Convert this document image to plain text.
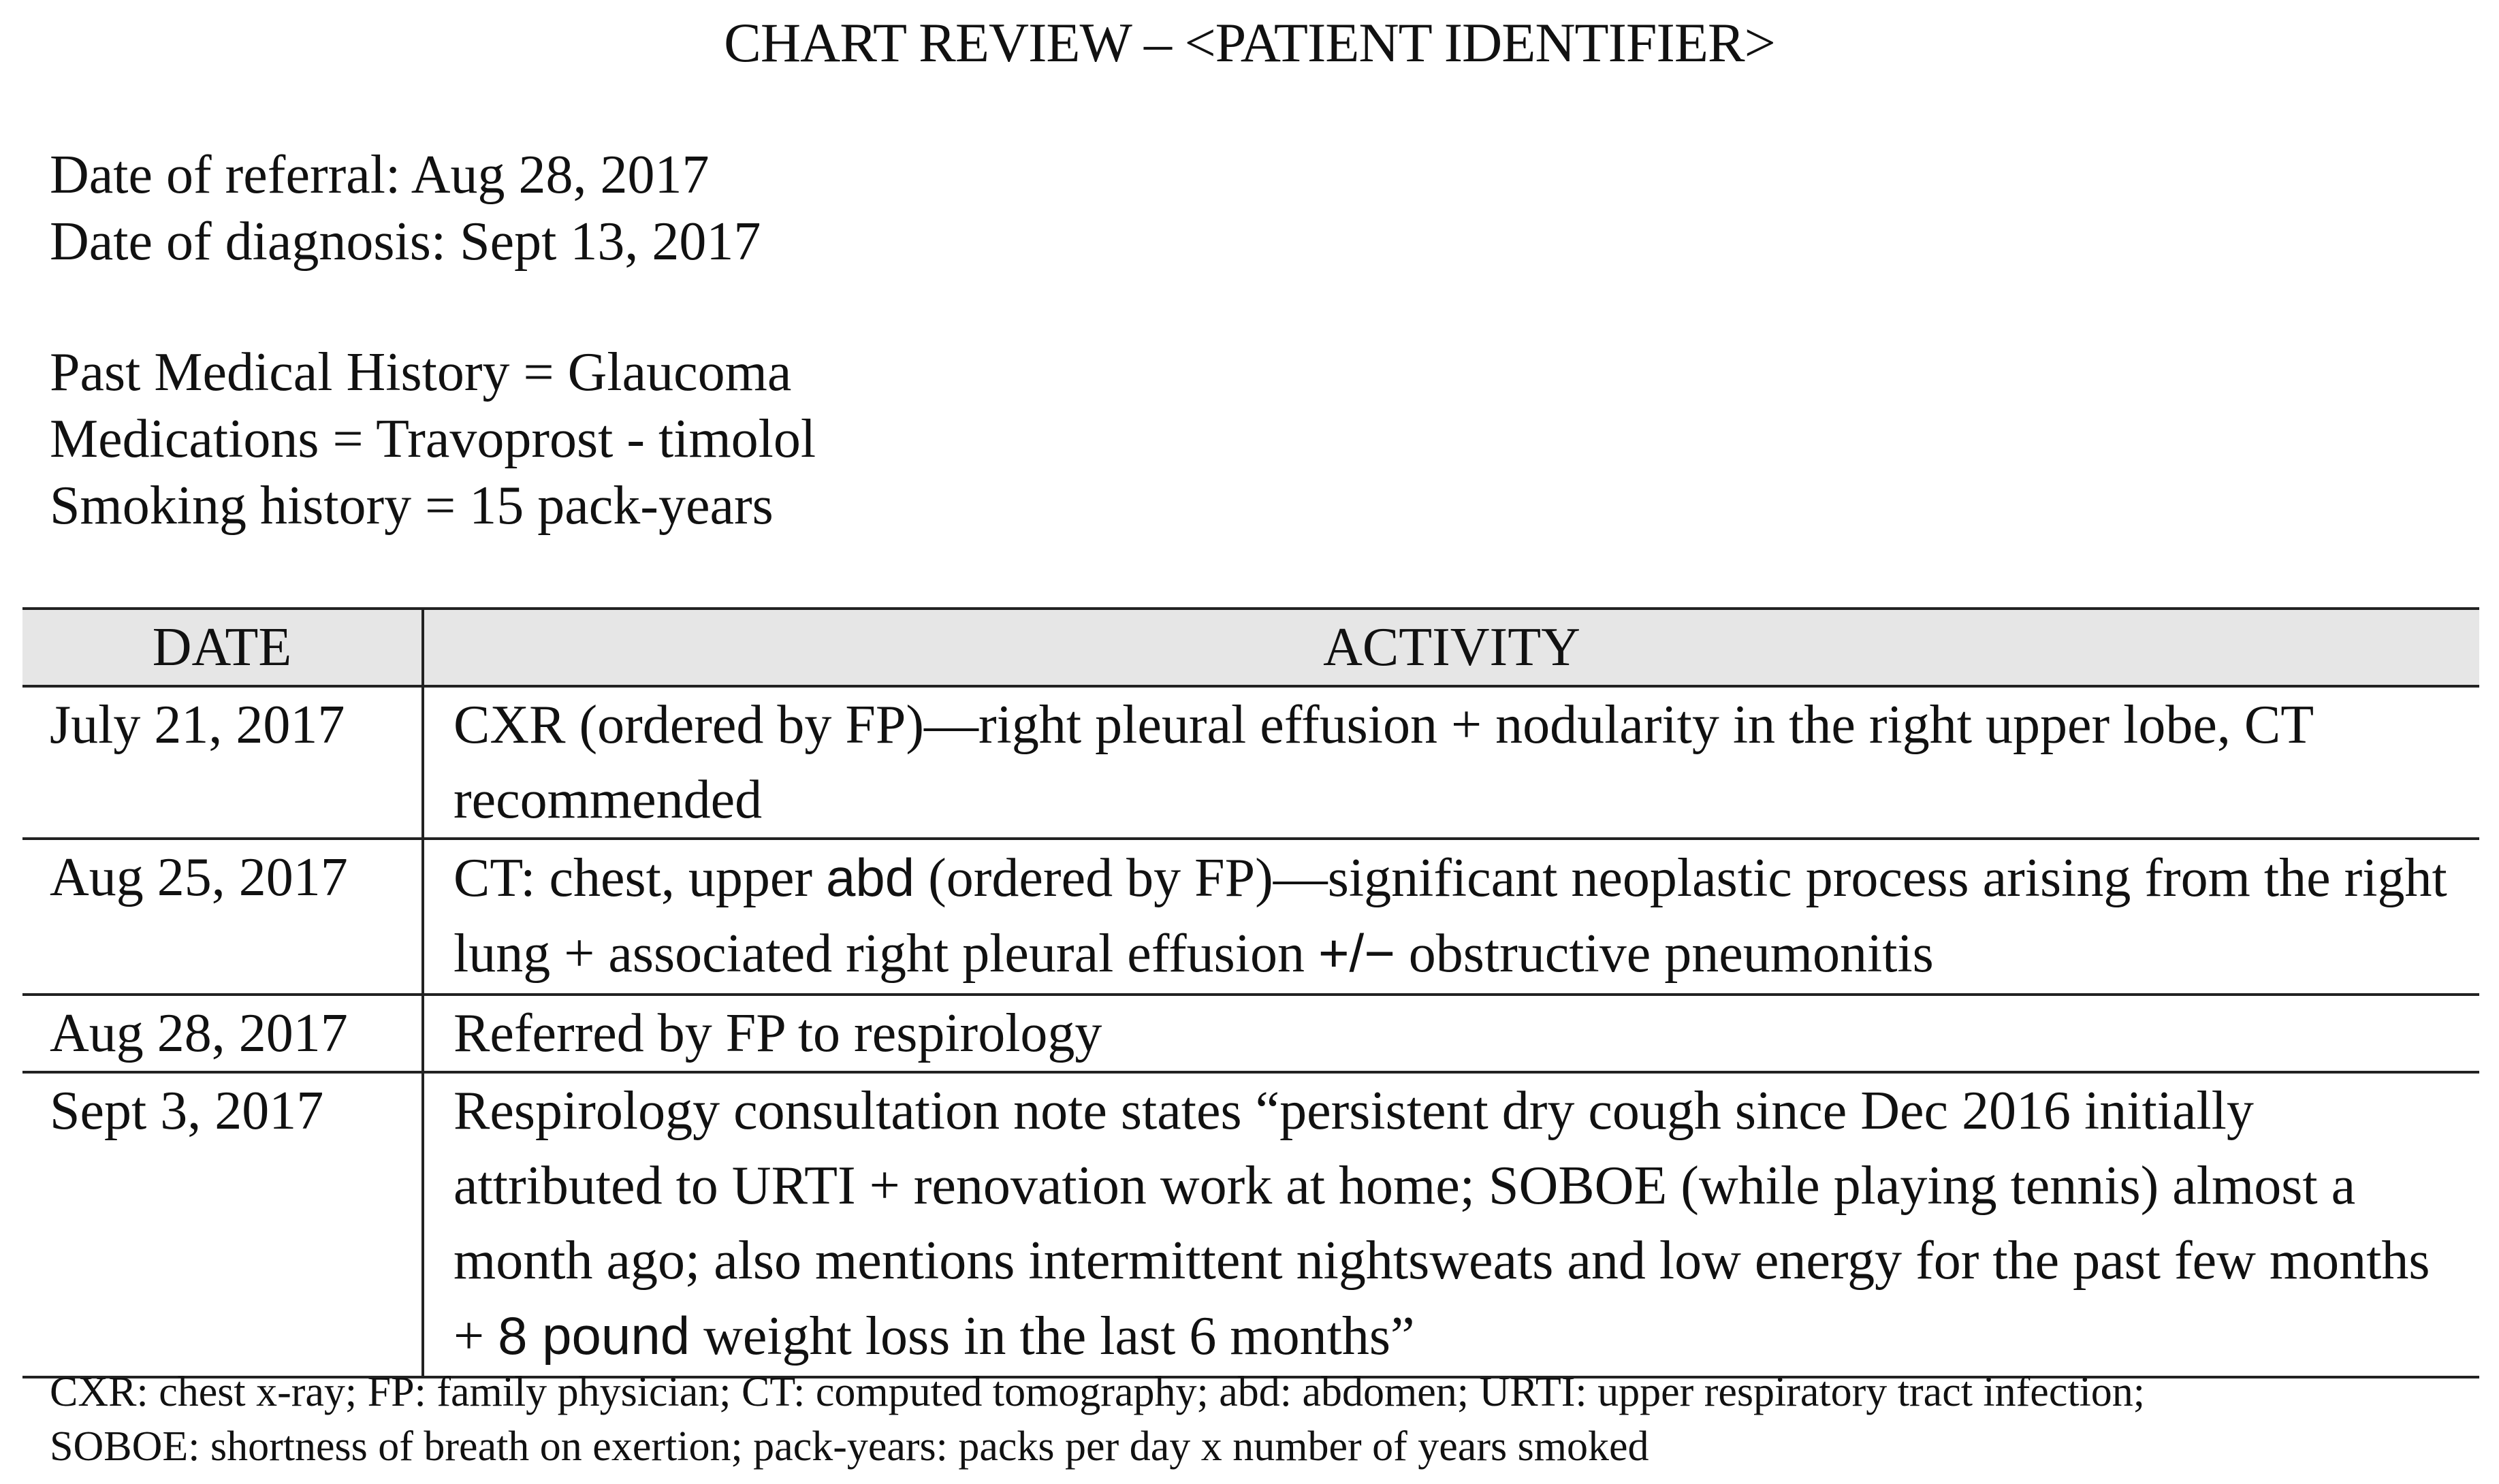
CHART REVIEW – <PATIENT IDENTIFIER>
Date of referral: Aug 28, 2017
Date of diagnosis: Sept 13, 2017
Past Medical History = Glaucoma
Medications = Travoprost - timolol
Smoking history = 15 pack-years
DATE	ACTIVITY
July 21, 2017	CXR (ordered by FP)—right pleural effusion + nodularity in the right upper lobe, CT recommended
Aug 25, 2017	CT: chest, upper abd (ordered by FP)—significant neoplastic process arising from the right lung + associated right pleural effusion +/− obstructive pneumonitis
Aug 28, 2017	Referred by FP to respirology
Sept 3, 2017	Respirology consultation note states “persistent dry cough since Dec 2016 initially attributed to URTI + renovation work at home; SOBOE (while playing tennis) almost a month ago; also mentions intermittent nightsweats and low energy for the past few months + 8 pound weight loss in the last 6 months”
CXR: chest x-ray; FP: family physician; CT: computed tomography; abd: abdomen; URTI: upper respiratory tract infection;
SOBOE: shortness of breath on exertion; pack-years: packs per day x number of years smoked
